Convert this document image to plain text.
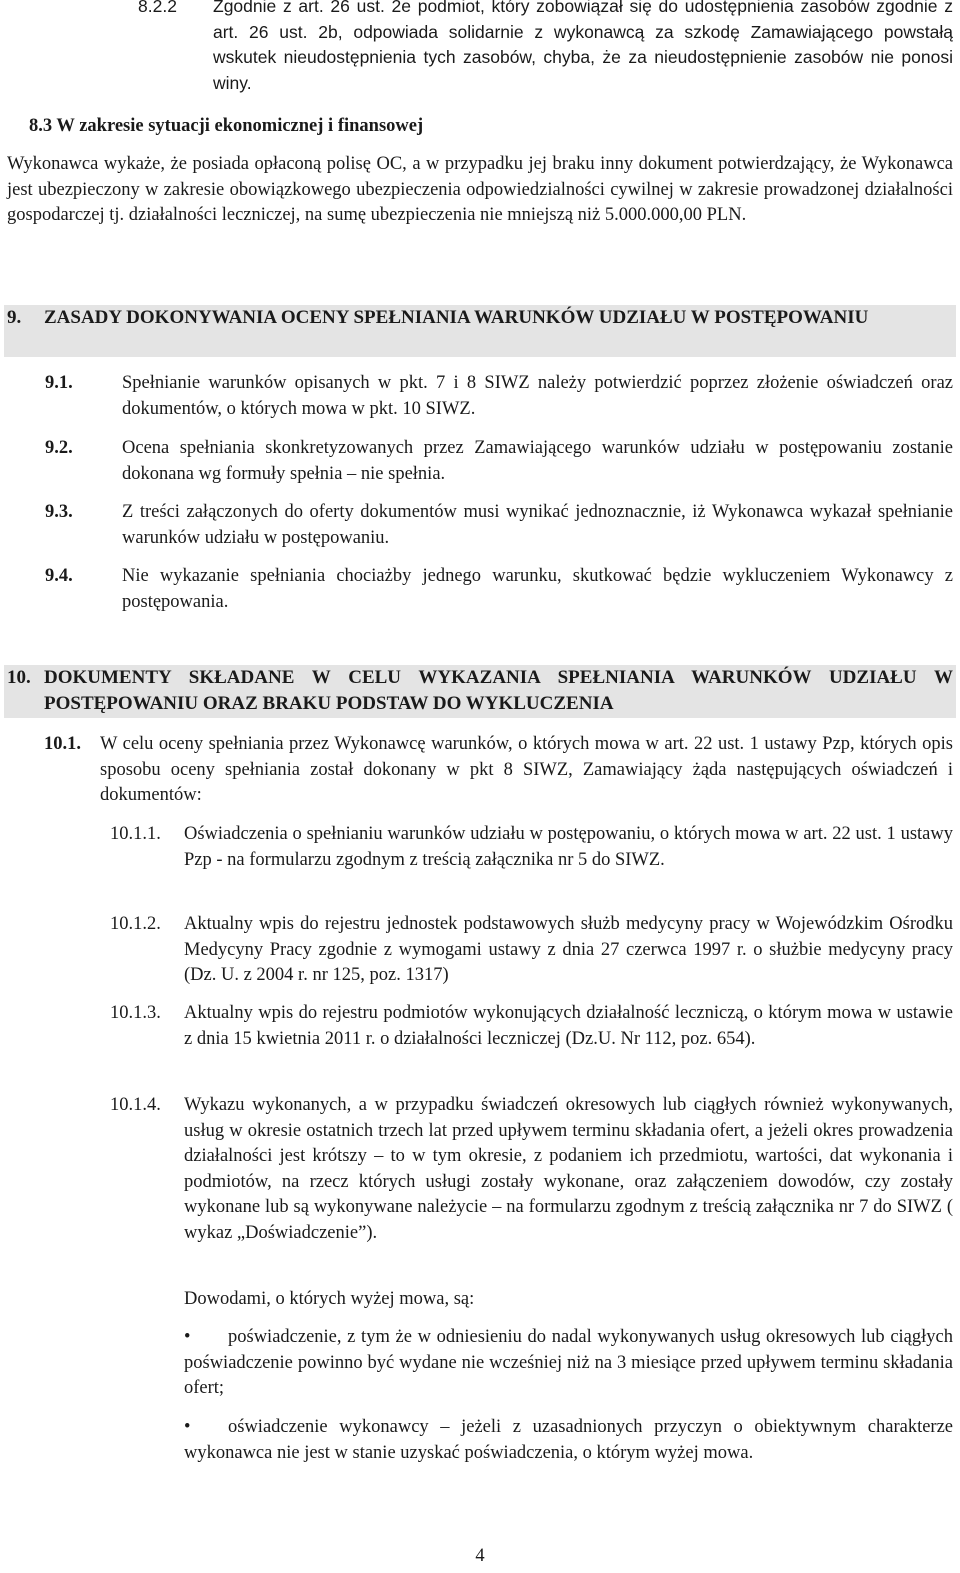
8.2.2 Zgodnie z art. 26 ust. 2e podmiot, który zobowiązał się do udostępnienia zasobów zgodnie z art. 26 ust. 2b, odpowiada solidarnie z wykonawcą za szkodę Zamawiającego powstałą wskutek nieudostępnienia tych zasobów, chyba, że za nieudostępnienie zasobów nie ponosi winy.
8.3 W zakresie sytuacji ekonomicznej i finansowej
Wykonawca wykaże, że posiada opłaconą polisę OC, a w przypadku jej braku inny dokument potwierdzający, że Wykonawca jest ubezpieczony w zakresie obowiązkowego ubezpieczenia odpowiedzialności cywilnej w zakresie prowadzonej działalności gospodarczej tj. działalności leczniczej, na sumę ubezpieczenia nie mniejszą niż 5.000.000,00 PLN.
9. ZASADY DOKONYWANIA OCENY SPEŁNIANIA WARUNKÓW UDZIAŁU W POSTĘPOWANIU
9.1.	Spełnianie warunków opisanych w pkt. 7 i 8 SIWZ należy potwierdzić poprzez złożenie oświadczeń oraz dokumentów, o których mowa w pkt. 10 SIWZ.
9.2.	Ocena spełniania skonkretyzowanych przez Zamawiającego warunków udziału w postępowaniu zostanie dokonana wg formuły spełnia – nie spełnia.
9.3.	Z treści załączonych do oferty dokumentów musi wynikać jednoznacznie, iż Wykonawca wykazał spełnianie warunków udziału w postępowaniu.
9.4.	Nie wykazanie spełniania chociażby jednego warunku, skutkować będzie wykluczeniem Wykonawcy z postępowania.
10. DOKUMENTY SKŁADANE W CELU WYKAZANIA SPEŁNIANIA WARUNKÓW UDZIAŁU W POSTĘPOWANIU ORAZ BRAKU PODSTAW DO WYKLUCZENIA
10.1. W celu oceny spełniania przez Wykonawcę warunków, o których mowa w art. 22 ust. 1 ustawy Pzp, których opis sposobu oceny spełniania został dokonany w pkt 8 SIWZ, Zamawiający żąda następujących oświadczeń i dokumentów:
10.1.1. Oświadczenia o spełnianiu warunków udziału w postępowaniu, o których mowa w art. 22 ust. 1 ustawy Pzp - na formularzu zgodnym z treścią załącznika nr 5 do SIWZ.
10.1.2. Aktualny wpis do rejestru jednostek podstawowych służb medycyny pracy w Wojewódzkim Ośrodku Medycyny Pracy zgodnie z wymogami ustawy z dnia 27 czerwca 1997 r. o służbie medycyny pracy (Dz. U. z 2004 r. nr 125, poz. 1317)
10.1.3. Aktualny wpis do rejestru podmiotów wykonujących działalność leczniczą, o którym mowa w ustawie z dnia 15 kwietnia 2011 r. o działalności leczniczej (Dz.U. Nr 112, poz. 654).
10.1.4. Wykazu wykonanych, a w przypadku świadczeń okresowych lub ciągłych również wykonywanych, usług w okresie ostatnich trzech lat przed upływem terminu składania ofert, a jeżeli okres prowadzenia działalności jest krótszy – to w tym okresie, z podaniem ich przedmiotu, wartości, dat wykonania i podmiotów, na rzecz których usługi zostały wykonane, oraz załączeniem dowodów, czy zostały wykonane lub są wykonywane należycie – na formularzu zgodnym z treścią załącznika nr 7 do SIWZ ( wykaz „Doświadczenie”).
Dowodami, o których wyżej mowa, są:
•	poświadczenie, z tym że w odniesieniu do nadal wykonywanych usług okresowych lub ciągłych poświadczenie powinno być wydane nie wcześniej niż na 3 miesiące przed upływem terminu składania ofert;
•	oświadczenie wykonawcy – jeżeli z uzasadnionych przyczyn o obiektywnym charakterze wykonawca nie jest w stanie uzyskać poświadczenia, o którym wyżej mowa.
4
